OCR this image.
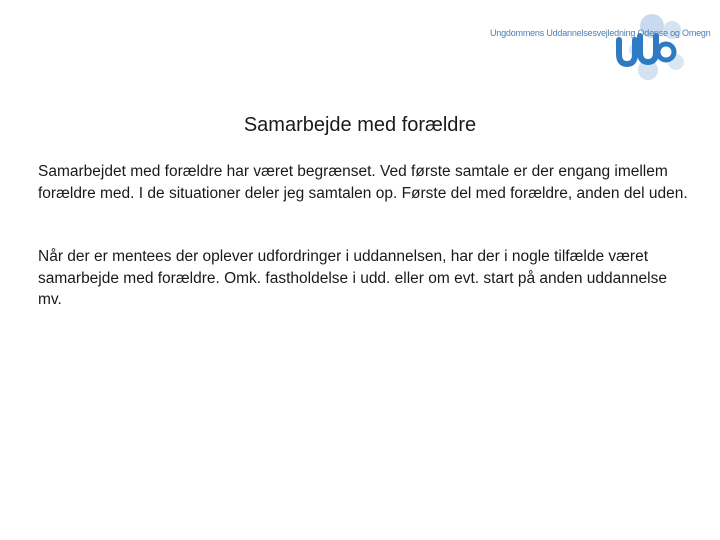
Ungdommens Uddannelsesvejledning Odense og Omegn
Samarbejde med forældre
Samarbejdet med forældre har været begrænset. Ved første samtale er der engang imellem forældre med. I de situationer deler jeg samtalen op. Første del med forældre, anden del uden.
Når der er mentees der oplever udfordringer i uddannelsen, har der i nogle tilfælde været samarbejde med forældre. Omk. fastholdelse i udd. eller om evt. start på anden uddannelse mv.
